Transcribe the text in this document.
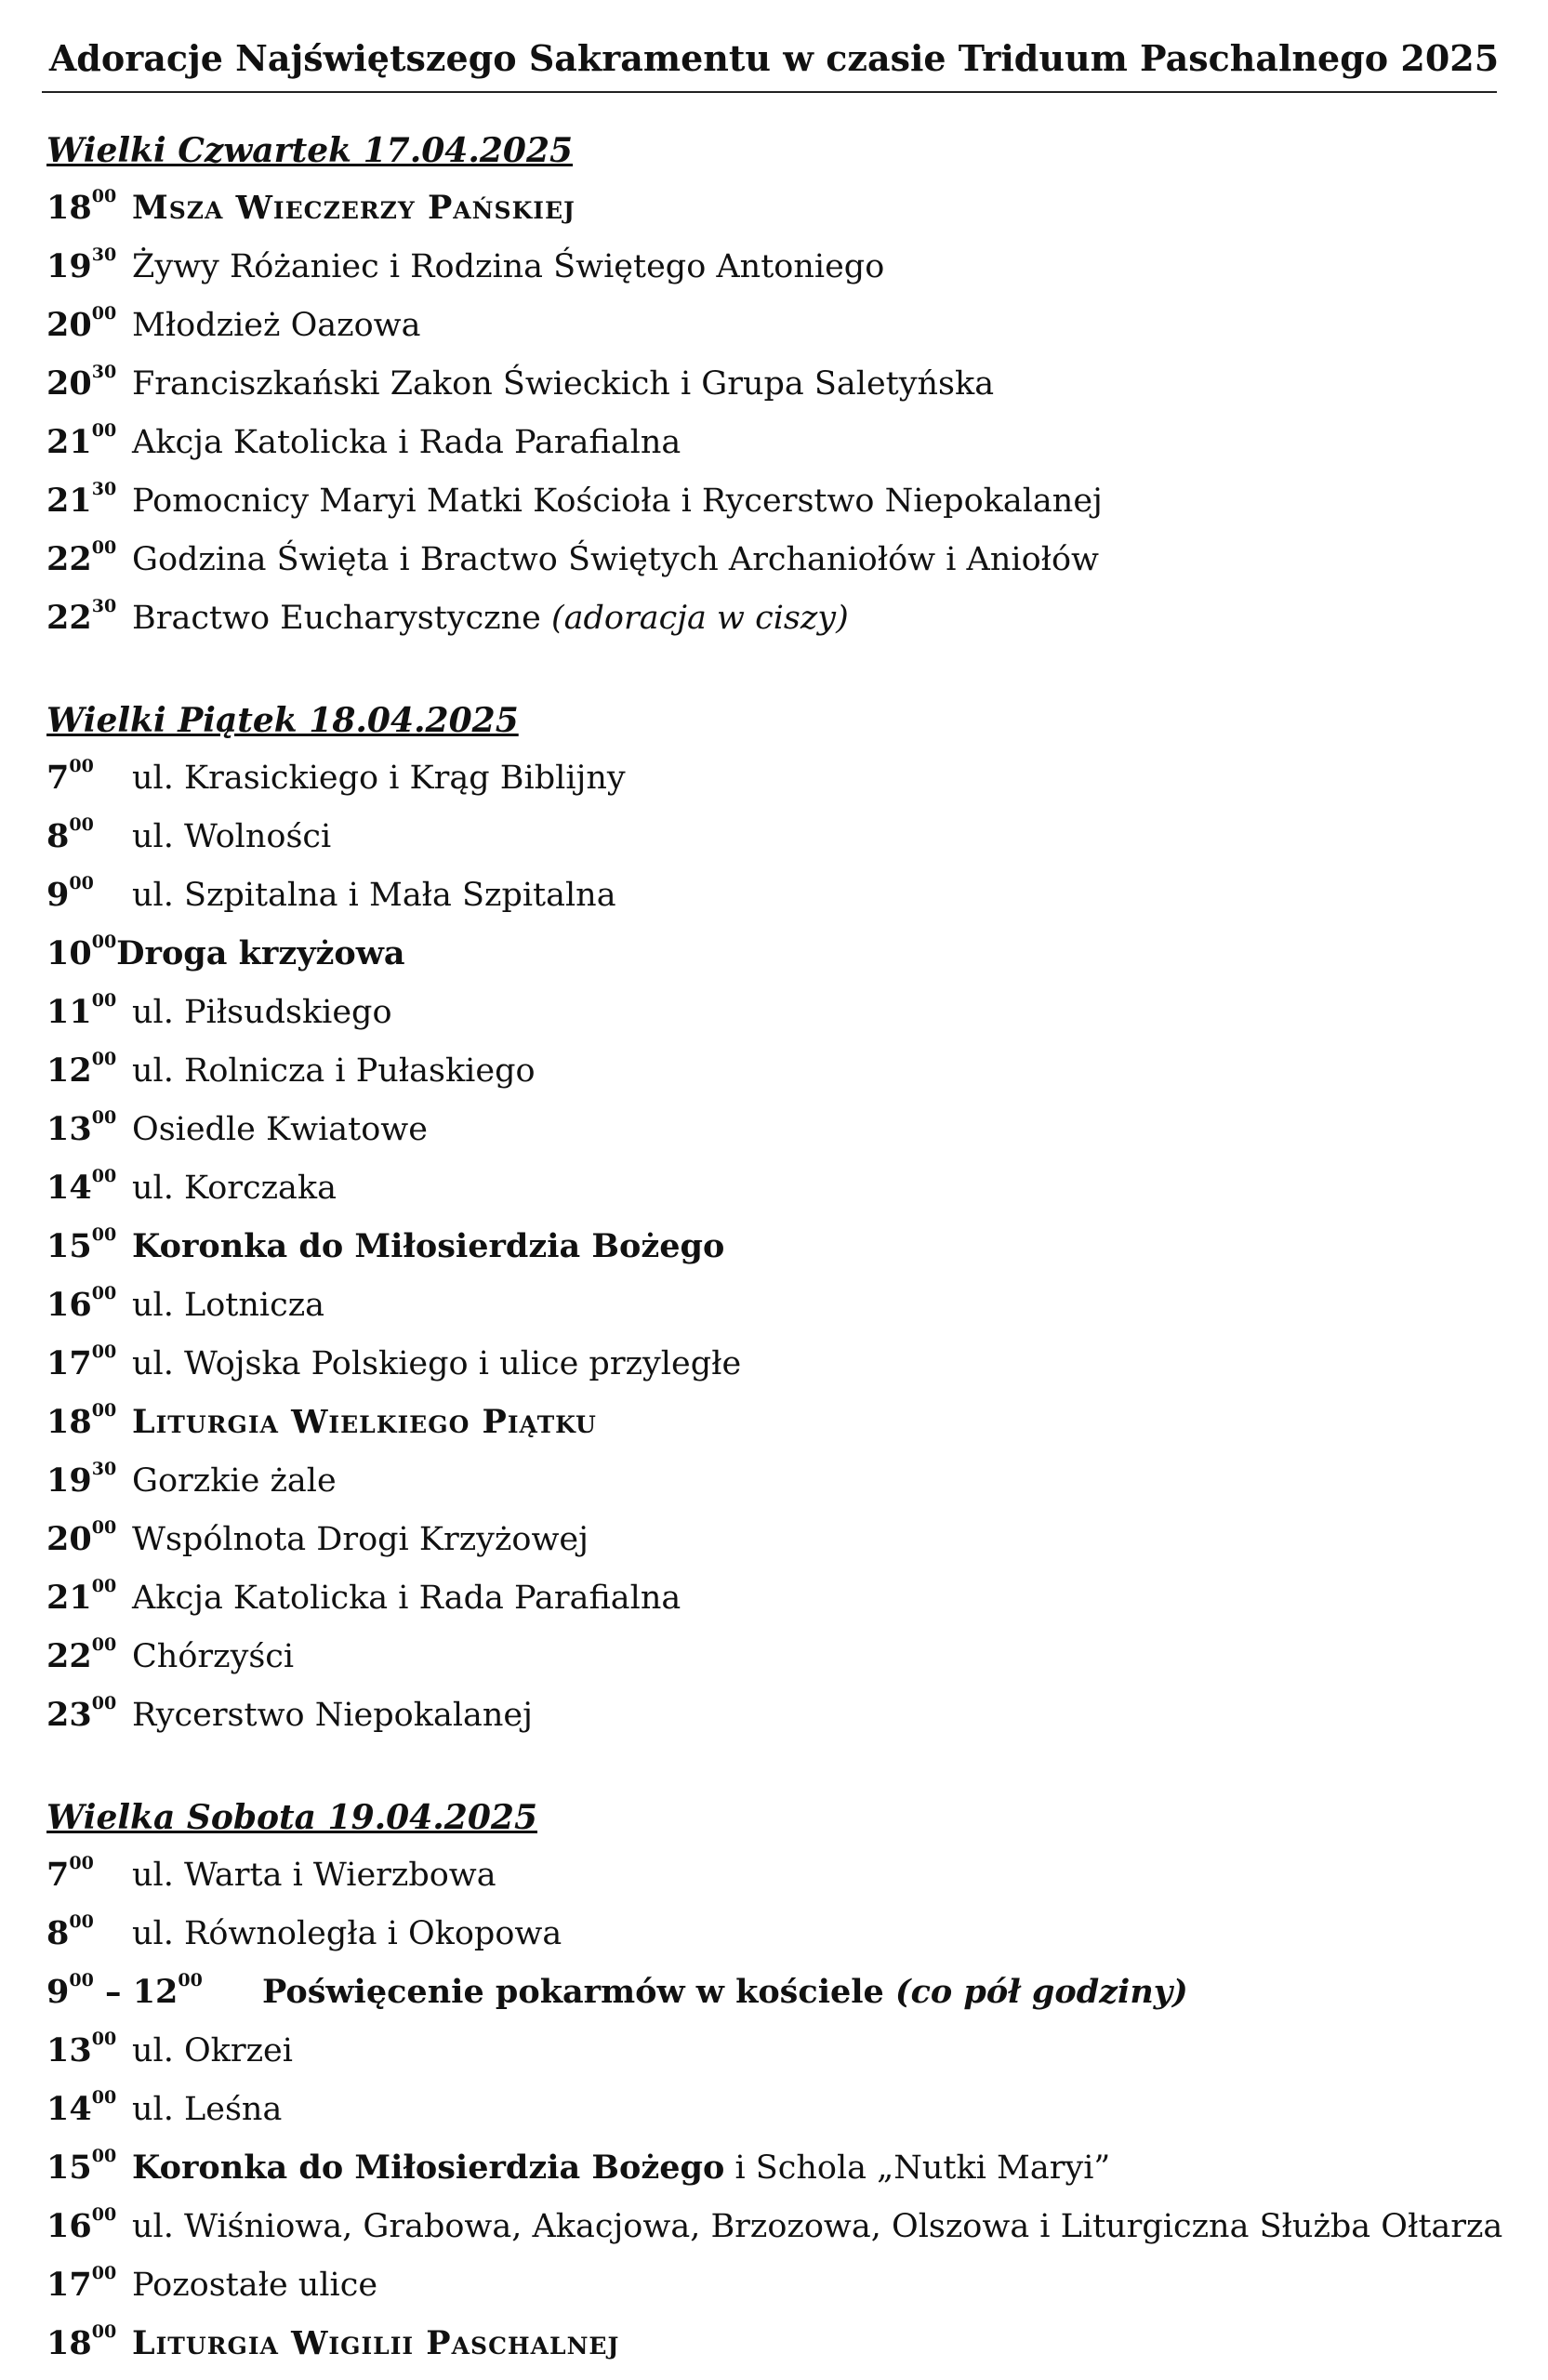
Adoracje Najświętszego Sakramentu w czasie Triduum Paschalnego 2025
Wielki Czwartek 17.04.2025
$18^{00}$ Msza Wieczerzy Pańskiej
$19^{30}$ Żywy Różaniec i Rodzina Świętego Antoniego
$20^{00}$ Młodzież Oazowa
$20^{30}$ Franciszkański Zakon Świeckich i Grupa Saletyńska
$21^{00}$ Akcja Katolicka i Rada Parafialna
$21^{30}$ Pomocnicy Maryi Matki Kościoła i Rycerstwo Niepokalanej
$22^{00}$ Godzina Święta i Bractwo Świętych Archaniołów i Aniołów
$22^{30}$ Bractwo Eucharystyczne (adoracja w ciszy)
Wielki Piątek 18.04.2025
$7^{00}$ ul. Krasickiego i Krąg Biblijny
$8^{00}$ ul. Wolności
$9^{00}$ ul. Szpitalna i Mała Szpitalna
$10^{00}Droga$ krzyżowa
$11^{00}$ ul. Piłsudskiego
$12^{00}$ ul. Rolnicza i Pułaskiego
$13^{00}$ Osiedle Kwiatowe
$14^{00}$ ul. Korczaka
$15^{00}$ Koronka do Miłosierdzia Bożego
$16^{00}$ ul. Lotnicza
$17^{00}$ ul. Wojska Polskiego i ulice przyległe
$18^{00}$ Liturgia Wielkiego Piątku
$19^{30}$ Gorzkie żale
$20^{00}$ Wspólnota Drogi Krzyżowej
$21^{00}$ Akcja Katolicka i Rada Parafialna
$22^{00}$ Chórzyści
$23^{00}$ Rycerstwo Niepokalanej
Wielka Sobota 19.04.2025
$7^{00}$ ul. Warta i Wierzbowa
$8^{00}$ ul. Równoległa i Okopowa
$9^{00} - 12^{00}$ Poświęcenie pokarmów w kościele (co pół godziny)
$13^{00}$ ul. Okrzei
$14^{00}$ ul. Leśna
$15^{00}$ Koronka do Miłosierdzia Bożego i Schola „Nutki Maryi”
$16^{00}$ ul. Wiśniowa, Grabowa, Akacjowa, Brzozowa, Olszowa i Liturgiczna Służba Ołtarza
$17^{00}$ Pozostałe ulice
$18^{00}$ Liturgia Wigilii Paschalnej
